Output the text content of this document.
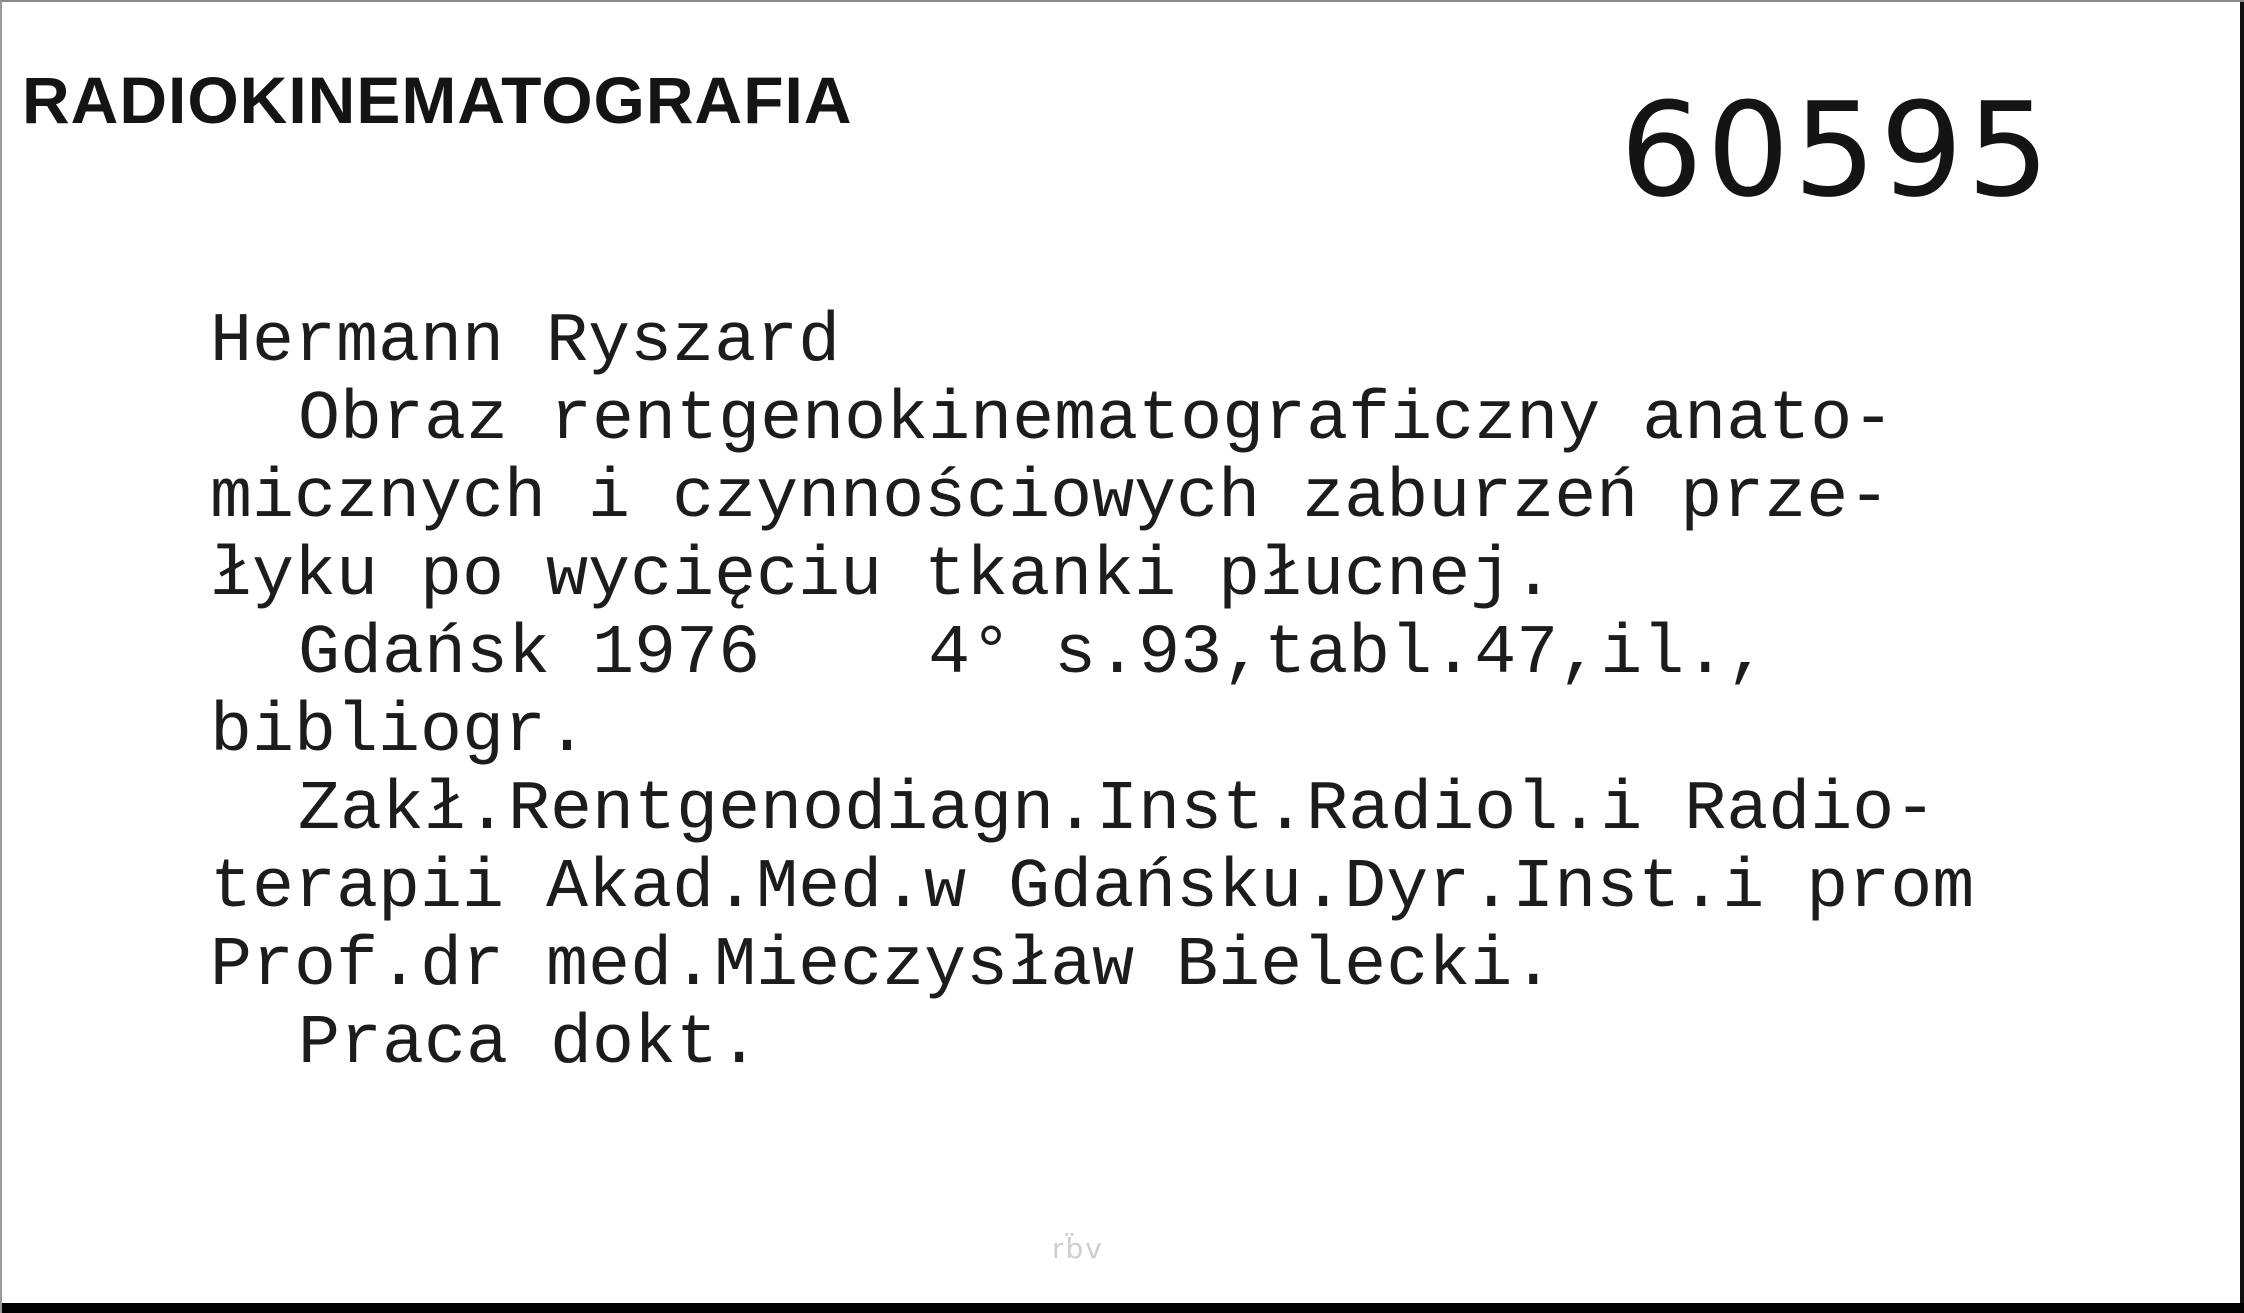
RADIOKINEMATOGRAFIA	60595
Hermann Ryszard
Obraz rentgenokinematograficzny anato-
micznych i czynnościowych zaburzeń prze-
łyku po wycięciu tkanki płucnej.
Gdańsk 1976    4° s.93,tabl.47,il.,
bibliogr.
Zakł.Rentgenodiagn.Inst.Radiol.i Radio-
terapii Akad.Med.w Gdańsku.Dyr.Inst.i prom
Prof.dr med.Mieczysław Bielecki.
Praca dokt.
rb̈v
